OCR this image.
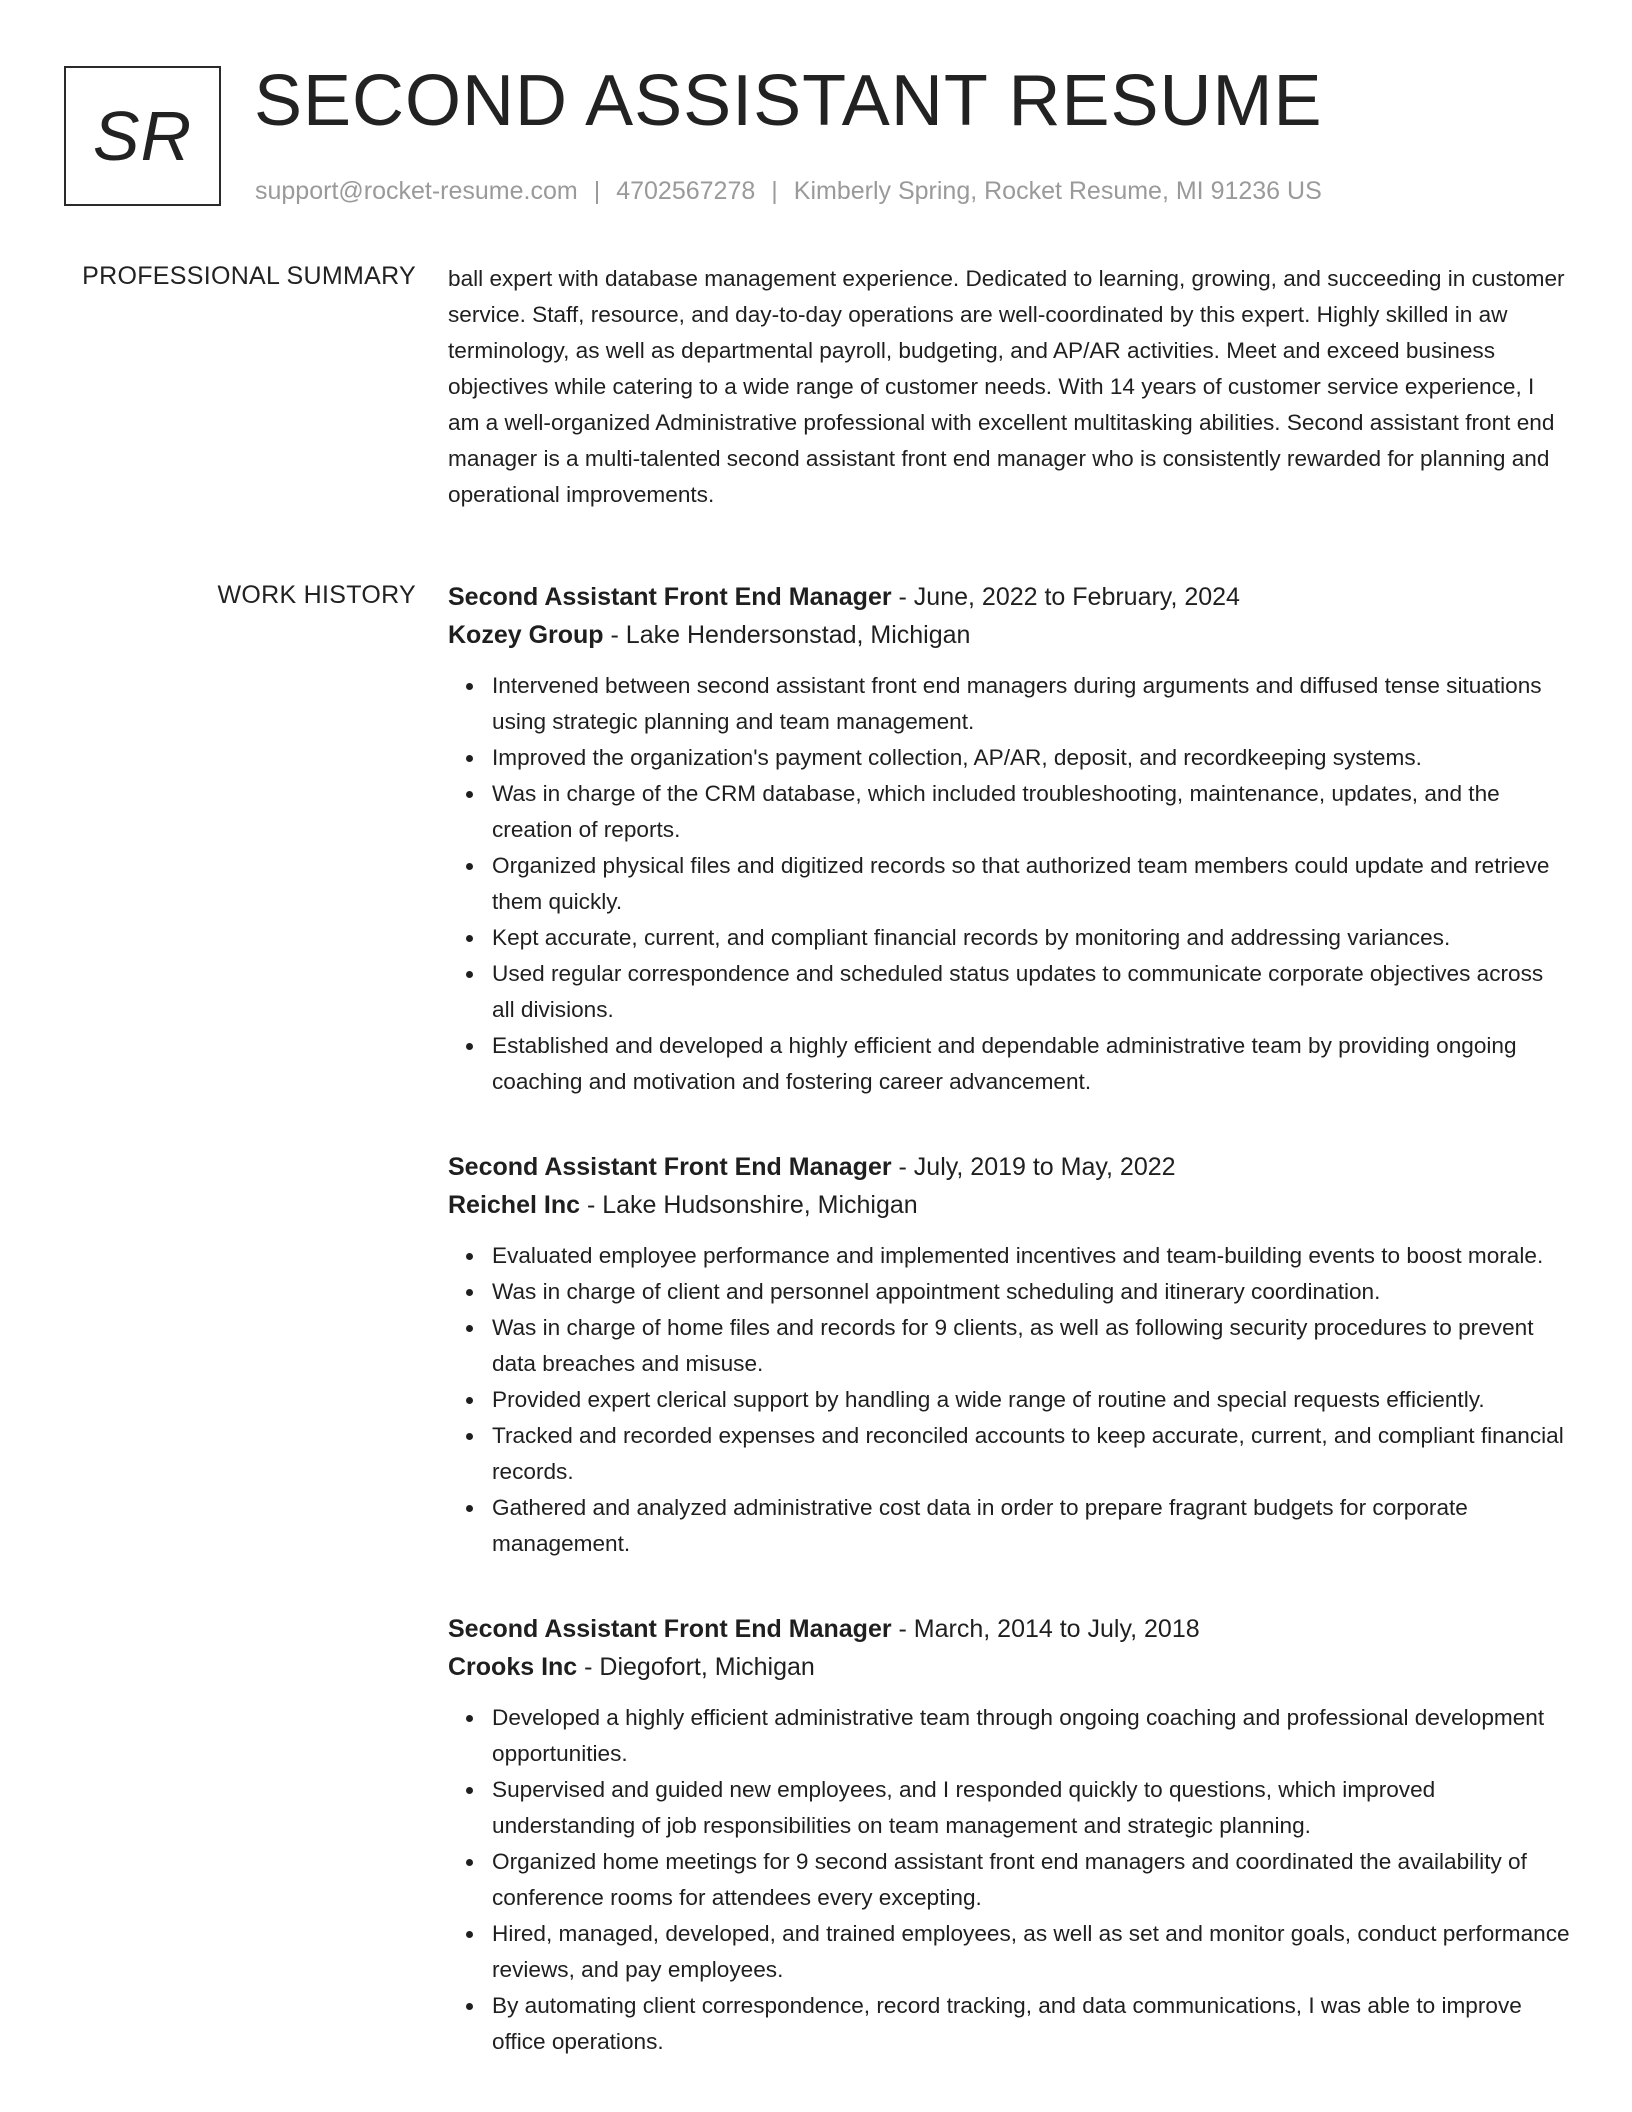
SR SECOND ASSISTANT RESUME
support@rocket-resume.com | 4702567278 | Kimberly Spring, Rocket Resume, MI 91236 US
PROFESSIONAL SUMMARY ball expert with database management experience. Dedicated to learning, growing, and succeeding in customer service. Staff, resource, and day-to-day operations are well-coordinated by this expert. Highly skilled in aw terminology, as well as departmental payroll, budgeting, and AP/AR activities. Meet and exceed business objectives while catering to a wide range of customer needs. With 14 years of customer service experience, I am a well-organized Administrative professional with excellent multitasking abilities. Second assistant front end manager is a multi-talented second assistant front end manager who is consistently rewarded for planning and operational improvements.

WORK HISTORY Second Assistant Front End Manager - June, 2022 to February, 2024
Kozey Group - Lake Hendersonstad, Michigan
Intervened between second assistant front end managers during arguments and diffused tense situations using strategic planning and team management.
Improved the organization's payment collection, AP/AR, deposit, and recordkeeping systems.
Was in charge of the CRM database, which included troubleshooting, maintenance, updates, and the creation of reports.
Organized physical files and digitized records so that authorized team members could update and retrieve them quickly.
Kept accurate, current, and compliant financial records by monitoring and addressing variances.
Used regular correspondence and scheduled status updates to communicate corporate objectives across all divisions.
Established and developed a highly efficient and dependable administrative team by providing ongoing coaching and motivation and fostering career advancement.
Second Assistant Front End Manager - July, 2019 to May, 2022
Reichel Inc - Lake Hudsonshire, Michigan
Evaluated employee performance and implemented incentives and team-building events to boost morale.
Was in charge of client and personnel appointment scheduling and itinerary coordination.
Was in charge of home files and records for 9 clients, as well as following security procedures to prevent data breaches and misuse.
Provided expert clerical support by handling a wide range of routine and special requests efficiently.
Tracked and recorded expenses and reconciled accounts to keep accurate, current, and compliant financial records.
Gathered and analyzed administrative cost data in order to prepare fragrant budgets for corporate management.
Second Assistant Front End Manager - March, 2014 to July, 2018
Crooks Inc - Diegofort, Michigan
Developed a highly efficient administrative team through ongoing coaching and professional development opportunities.
Supervised and guided new employees, and I responded quickly to questions, which improved understanding of job responsibilities on team management and strategic planning.
Organized home meetings for 9 second assistant front end managers and coordinated the availability of conference rooms for attendees every excepting.
Hired, managed, developed, and trained employees, as well as set and monitor goals, conduct performance reviews, and pay employees.
By automating client correspondence, record tracking, and data communications, I was able to improve office operations.
